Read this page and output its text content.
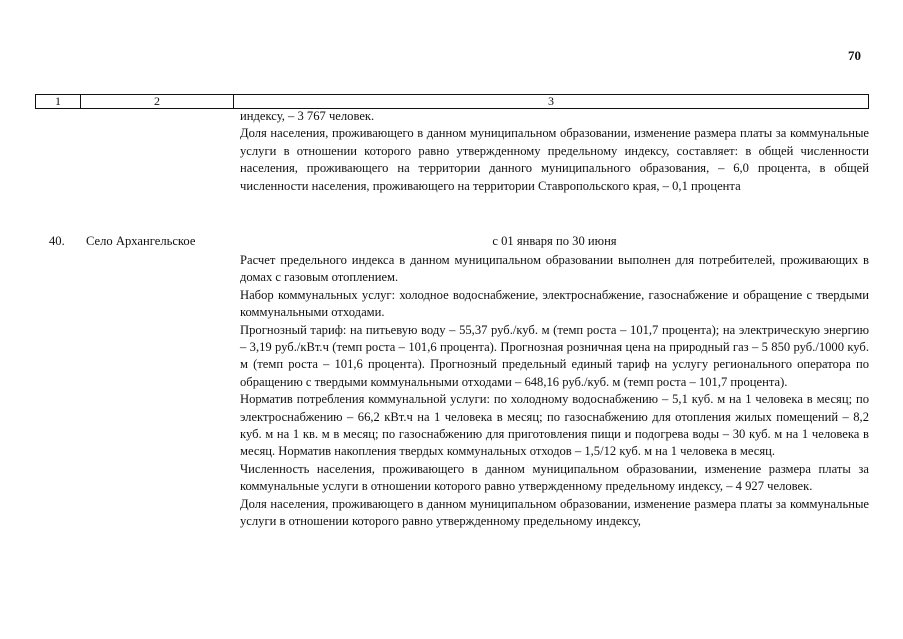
70
1	2	3

индексу, – 3 767 человек.

Доля населения, проживающего в данном муниципальном образовании, изменение размера платы за коммунальные услуги в отношении которого равно утвержденному предельному индексу, составляет: в общей численности населения, проживающего на территории данного муниципального образования, – 6,0 процента, в общей численности населения, проживающего на территории Ставропольского края, – 0,1 процента

40. Село Архангельское	с 01 января по 30 июня

Расчет предельного индекса в данном муниципальном образовании выполнен для потребителей, проживающих в домах с газовым отоплением.

Набор коммунальных услуг: холодное водоснабжение, электроснабжение, газоснабжение и обращение с твердыми коммунальными отходами.

Прогнозный тариф: на питьевую воду – 55,37 руб./куб. м (темп роста – 101,7 процента); на электрическую энергию – 3,19 руб./кВт.ч (темп роста – 101,6 процента). Прогнозная розничная цена на природный газ – 5 850 руб./1000 куб. м (темп роста – 101,6 процента). Прогнозный предельный единый тариф на услугу регионального оператора по обращению с твердыми коммунальными отходами – 648,16 руб./куб. м (темп роста – 101,7 процента).

Норматив потребления коммунальной услуги: по холодному водоснабжению – 5,1 куб. м на 1 человека в месяц; по электроснабжению – 66,2 кВт.ч на 1 человека в месяц; по газоснабжению для отопления жилых помещений – 8,2 куб. м на 1 кв. м в месяц; по газоснабжению для приготовления пищи и подогрева воды – 30 куб. м на 1 человека в месяц. Норматив накопления твердых коммунальных отходов – 1,5/12 куб. м на 1 человека в месяц.

Численность населения, проживающего в данном муниципальном образовании, изменение размера платы за коммунальные услуги в отношении которого равно утвержденному предельному индексу, – 4 927 человек.

Доля населения, проживающего в данном муниципальном образовании, изменение размера платы за коммунальные услуги в отношении которого равно утвержденному предельному индексу,
